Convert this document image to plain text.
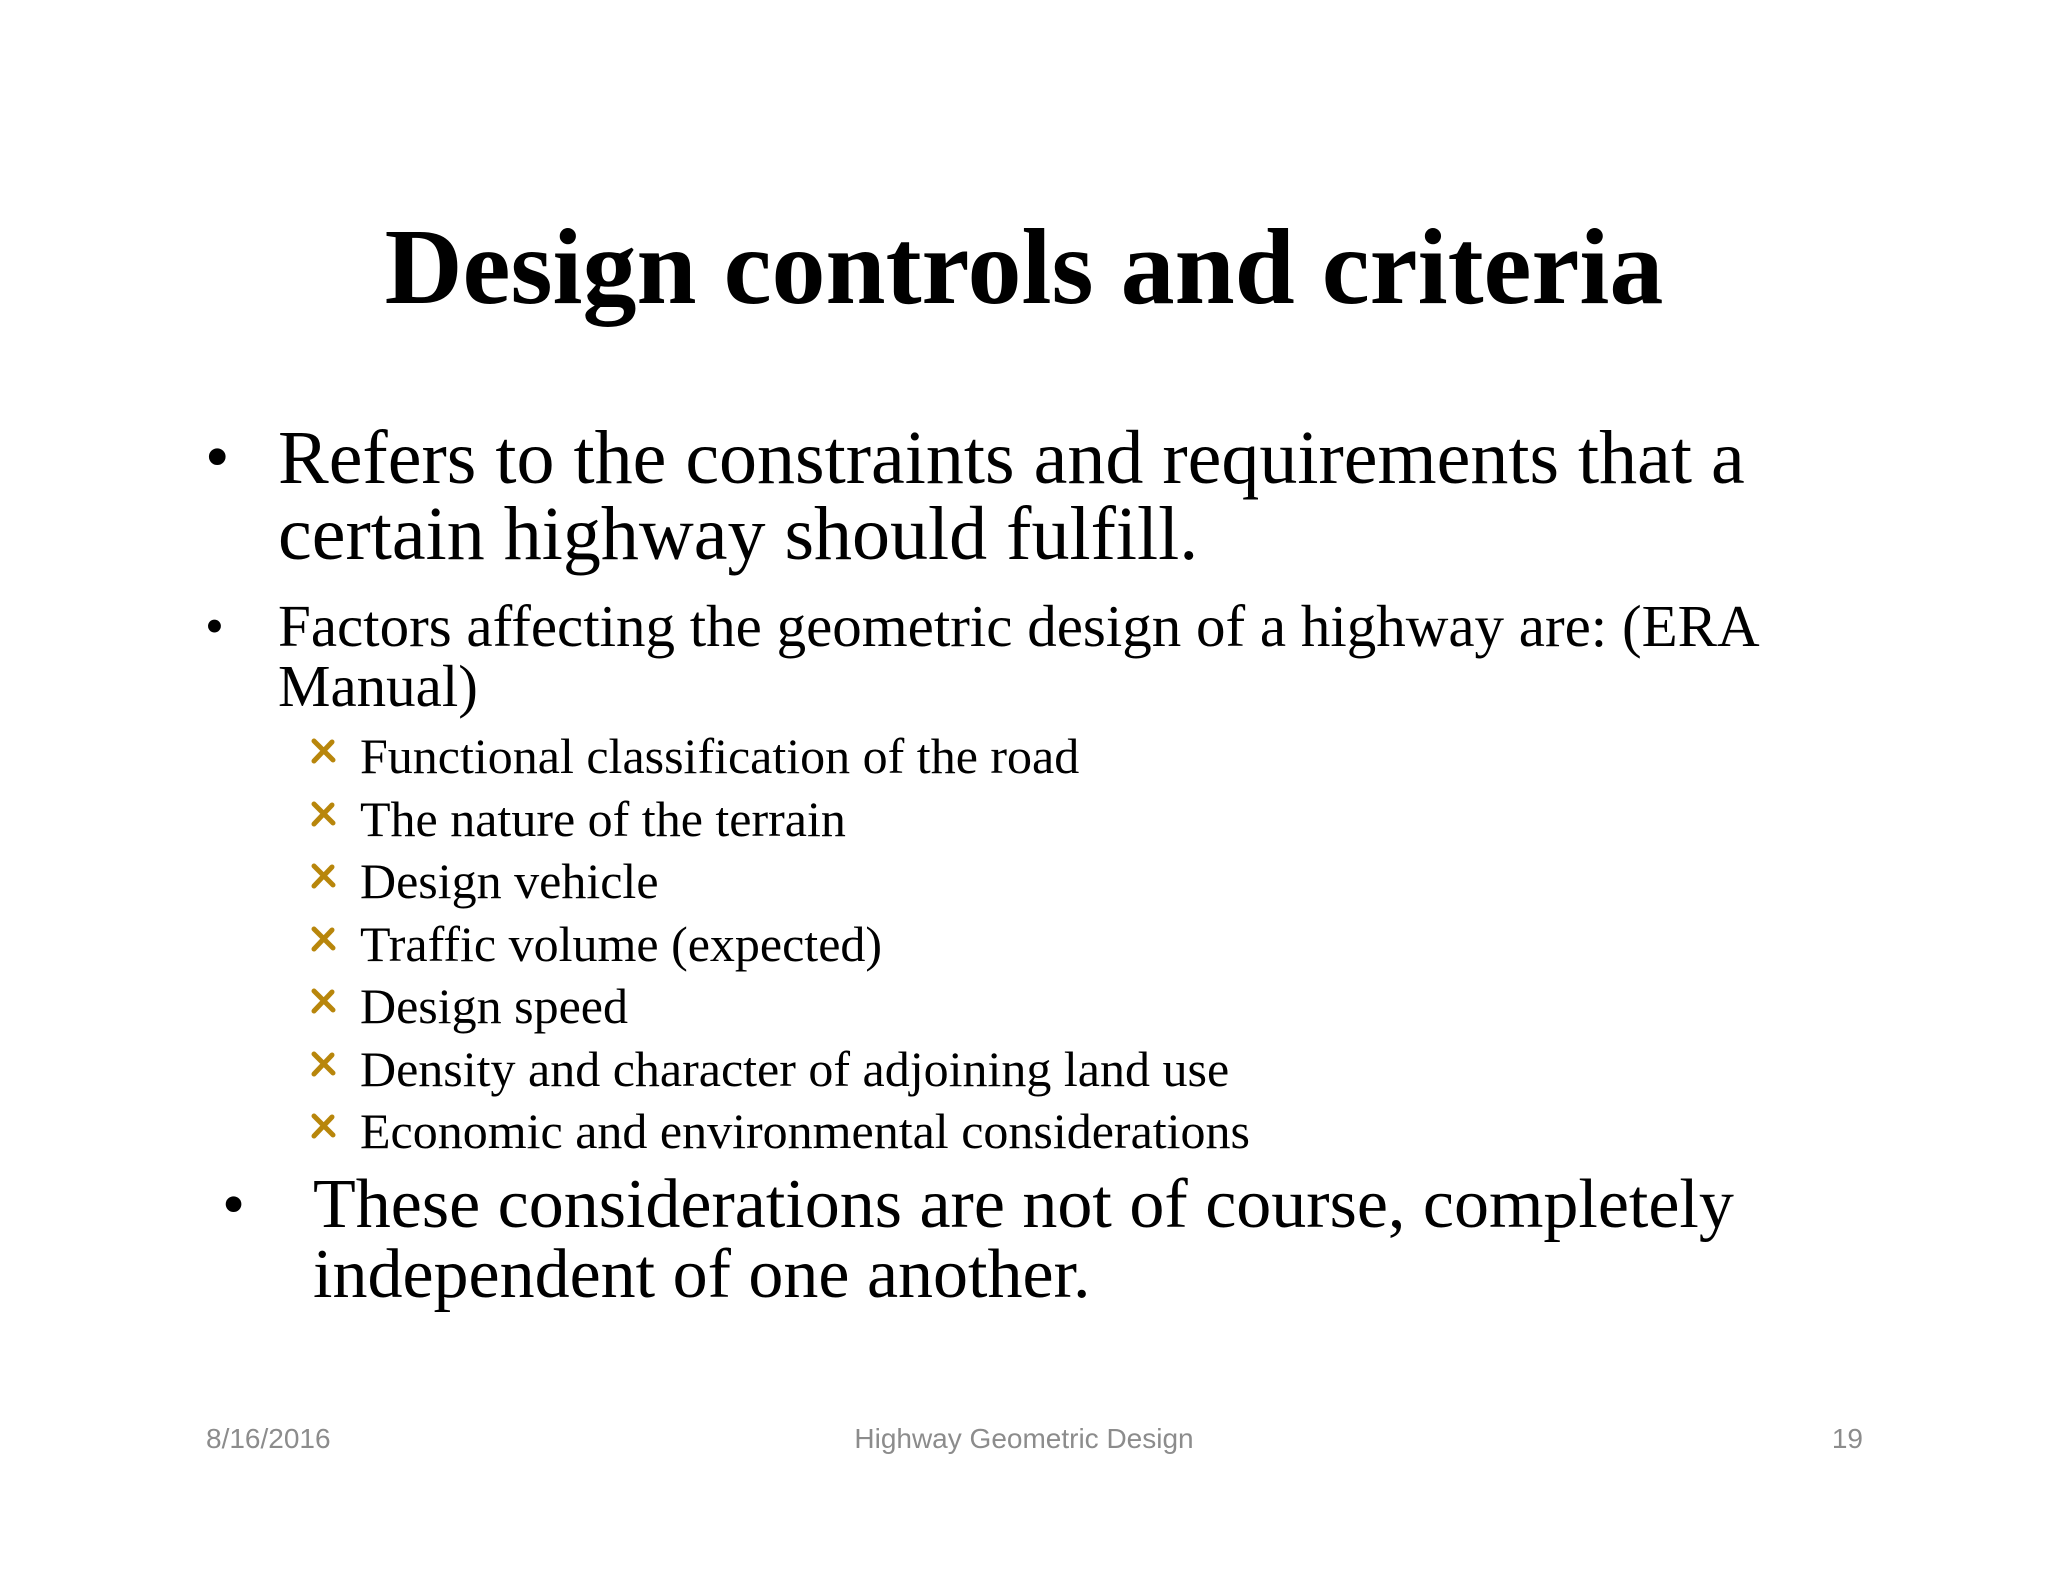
Design controls and criteria
• Refers to the constraints and requirements that a certain highway should fulfill.
• Factors affecting the geometric design of a highway are: (ERA Manual)
Functional classification of the road
The nature of the terrain
Design vehicle
Traffic volume (expected)
Design speed
Density and character of adjoining land use
Economic and environmental considerations
• These considerations are not of course, completely independent of one another.
8/16/2016	Highway Geometric Design	19
